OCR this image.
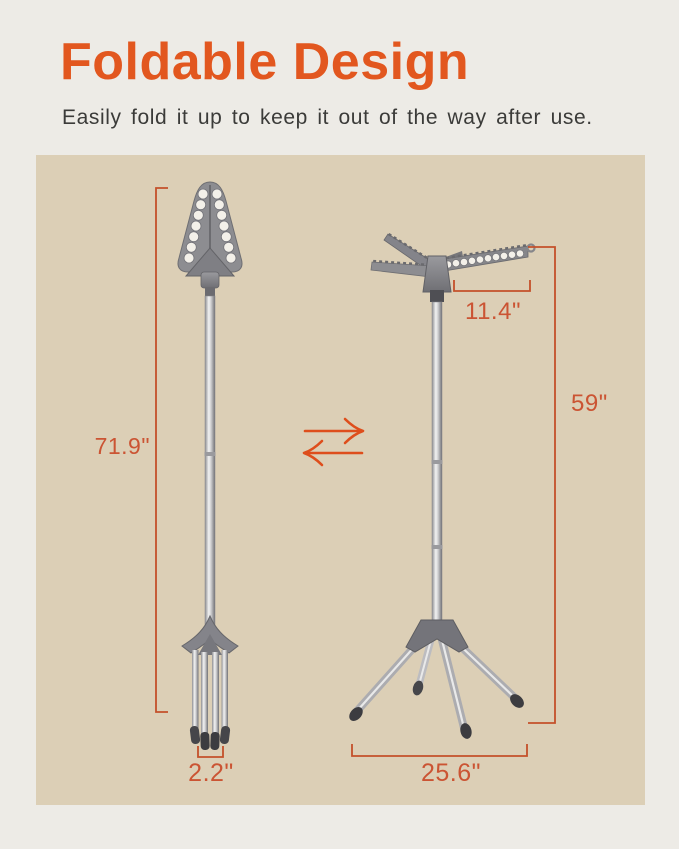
Foldable Design
Easily fold it up to keep it out of the way after use.
71.9"
2.2"
11.4"
59"
25.6"
